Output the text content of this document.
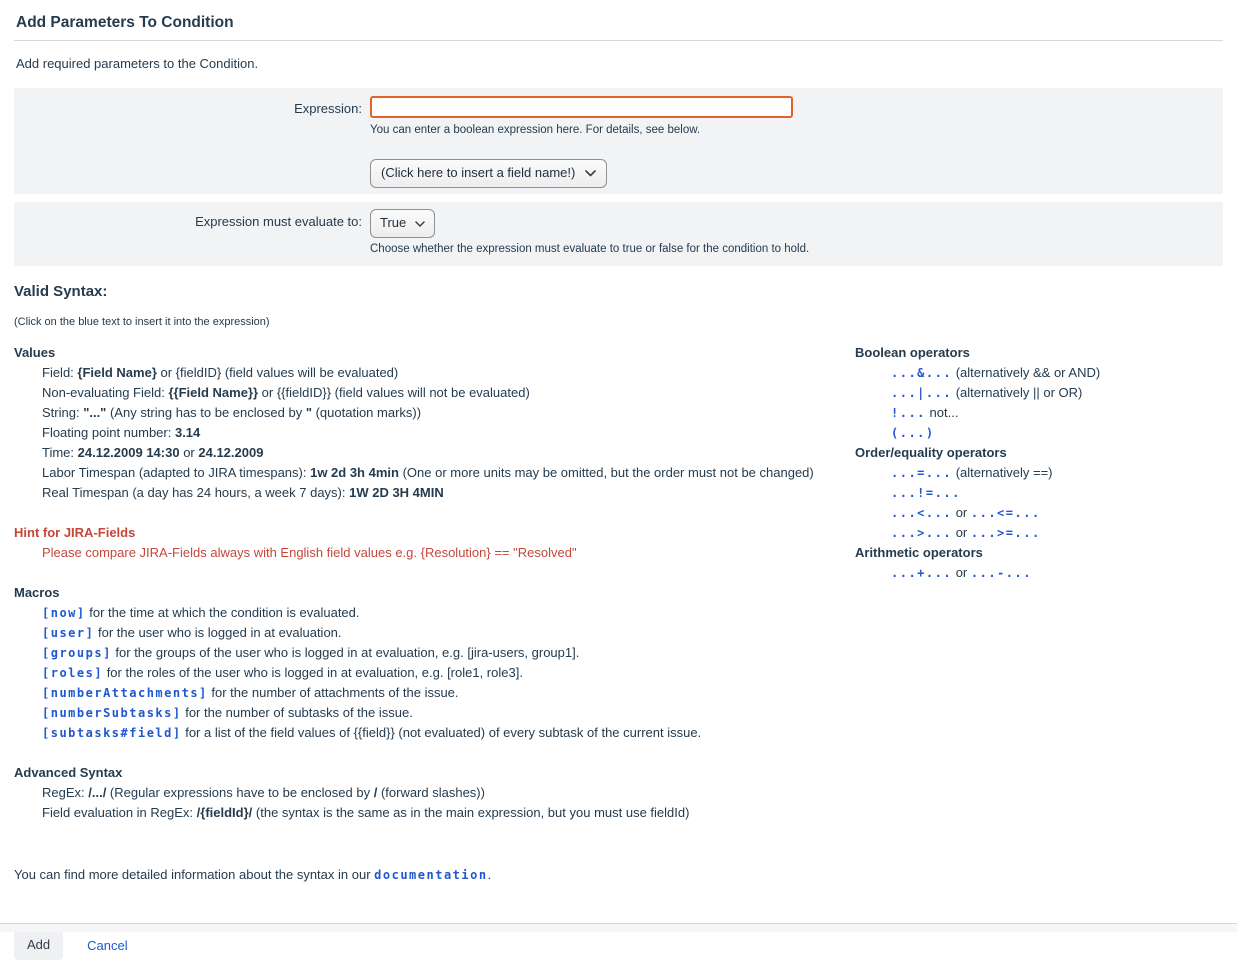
Add Parameters To Condition
Add required parameters to the Condition.
Expression:
You can enter a boolean expression here. For details, see below.
(Click here to insert a field name!)
Expression must evaluate to: True
Choose whether the expression must evaluate to true or false for the condition to hold.
Valid Syntax:
(Click on the blue text to insert it into the expression)
Values
Field: {Field Name} or {fieldID} (field values will be evaluated)
Non-evaluating Field: {{Field Name}} or {{fieldID}} (field values will not be evaluated)
String: "..." (Any string has to be enclosed by " (quotation marks))
Floating point number: 3.14
Time: 24.12.2009 14:30 or 24.12.2009
Labor Timespan (adapted to JIRA timespans): 1w 2d 3h 4min (One or more units may be omitted, but the order must not be changed)
Real Timespan (a day has 24 hours, a week 7 days): 1W 2D 3H 4MIN
Hint for JIRA-Fields
Please compare JIRA-Fields always with English field values e.g. {Resolution} == "Resolved"
Macros
[now] for the time at which the condition is evaluated.
[user] for the user who is logged in at evaluation.
[groups] for the groups of the user who is logged in at evaluation, e.g. [jira-users, group1].
[roles] for the roles of the user who is logged in at evaluation, e.g. [role1, role3].
[numberAttachments] for the number of attachments of the issue.
[numberSubtasks] for the number of subtasks of the issue.
[subtasks#field] for a list of the field values of {{field}} (not evaluated) of every subtask of the current issue.
Advanced Syntax
RegEx: /.../ (Regular expressions have to be enclosed by / (forward slashes))
Field evaluation in RegEx: /{fieldId}/ (the syntax is the same as in the main expression, but you must use fieldId)
Boolean operators
...&... (alternatively && or AND)
...|... (alternatively || or OR)
!... not...
(...)
Order/equality operators
...=... (alternatively ==)
...!=...
...<... or ...<=...
...>... or ...>=...
Arithmetic operators
...+... or ...-...
You can find more detailed information about the syntax in our documentation.
Add	Cancel
